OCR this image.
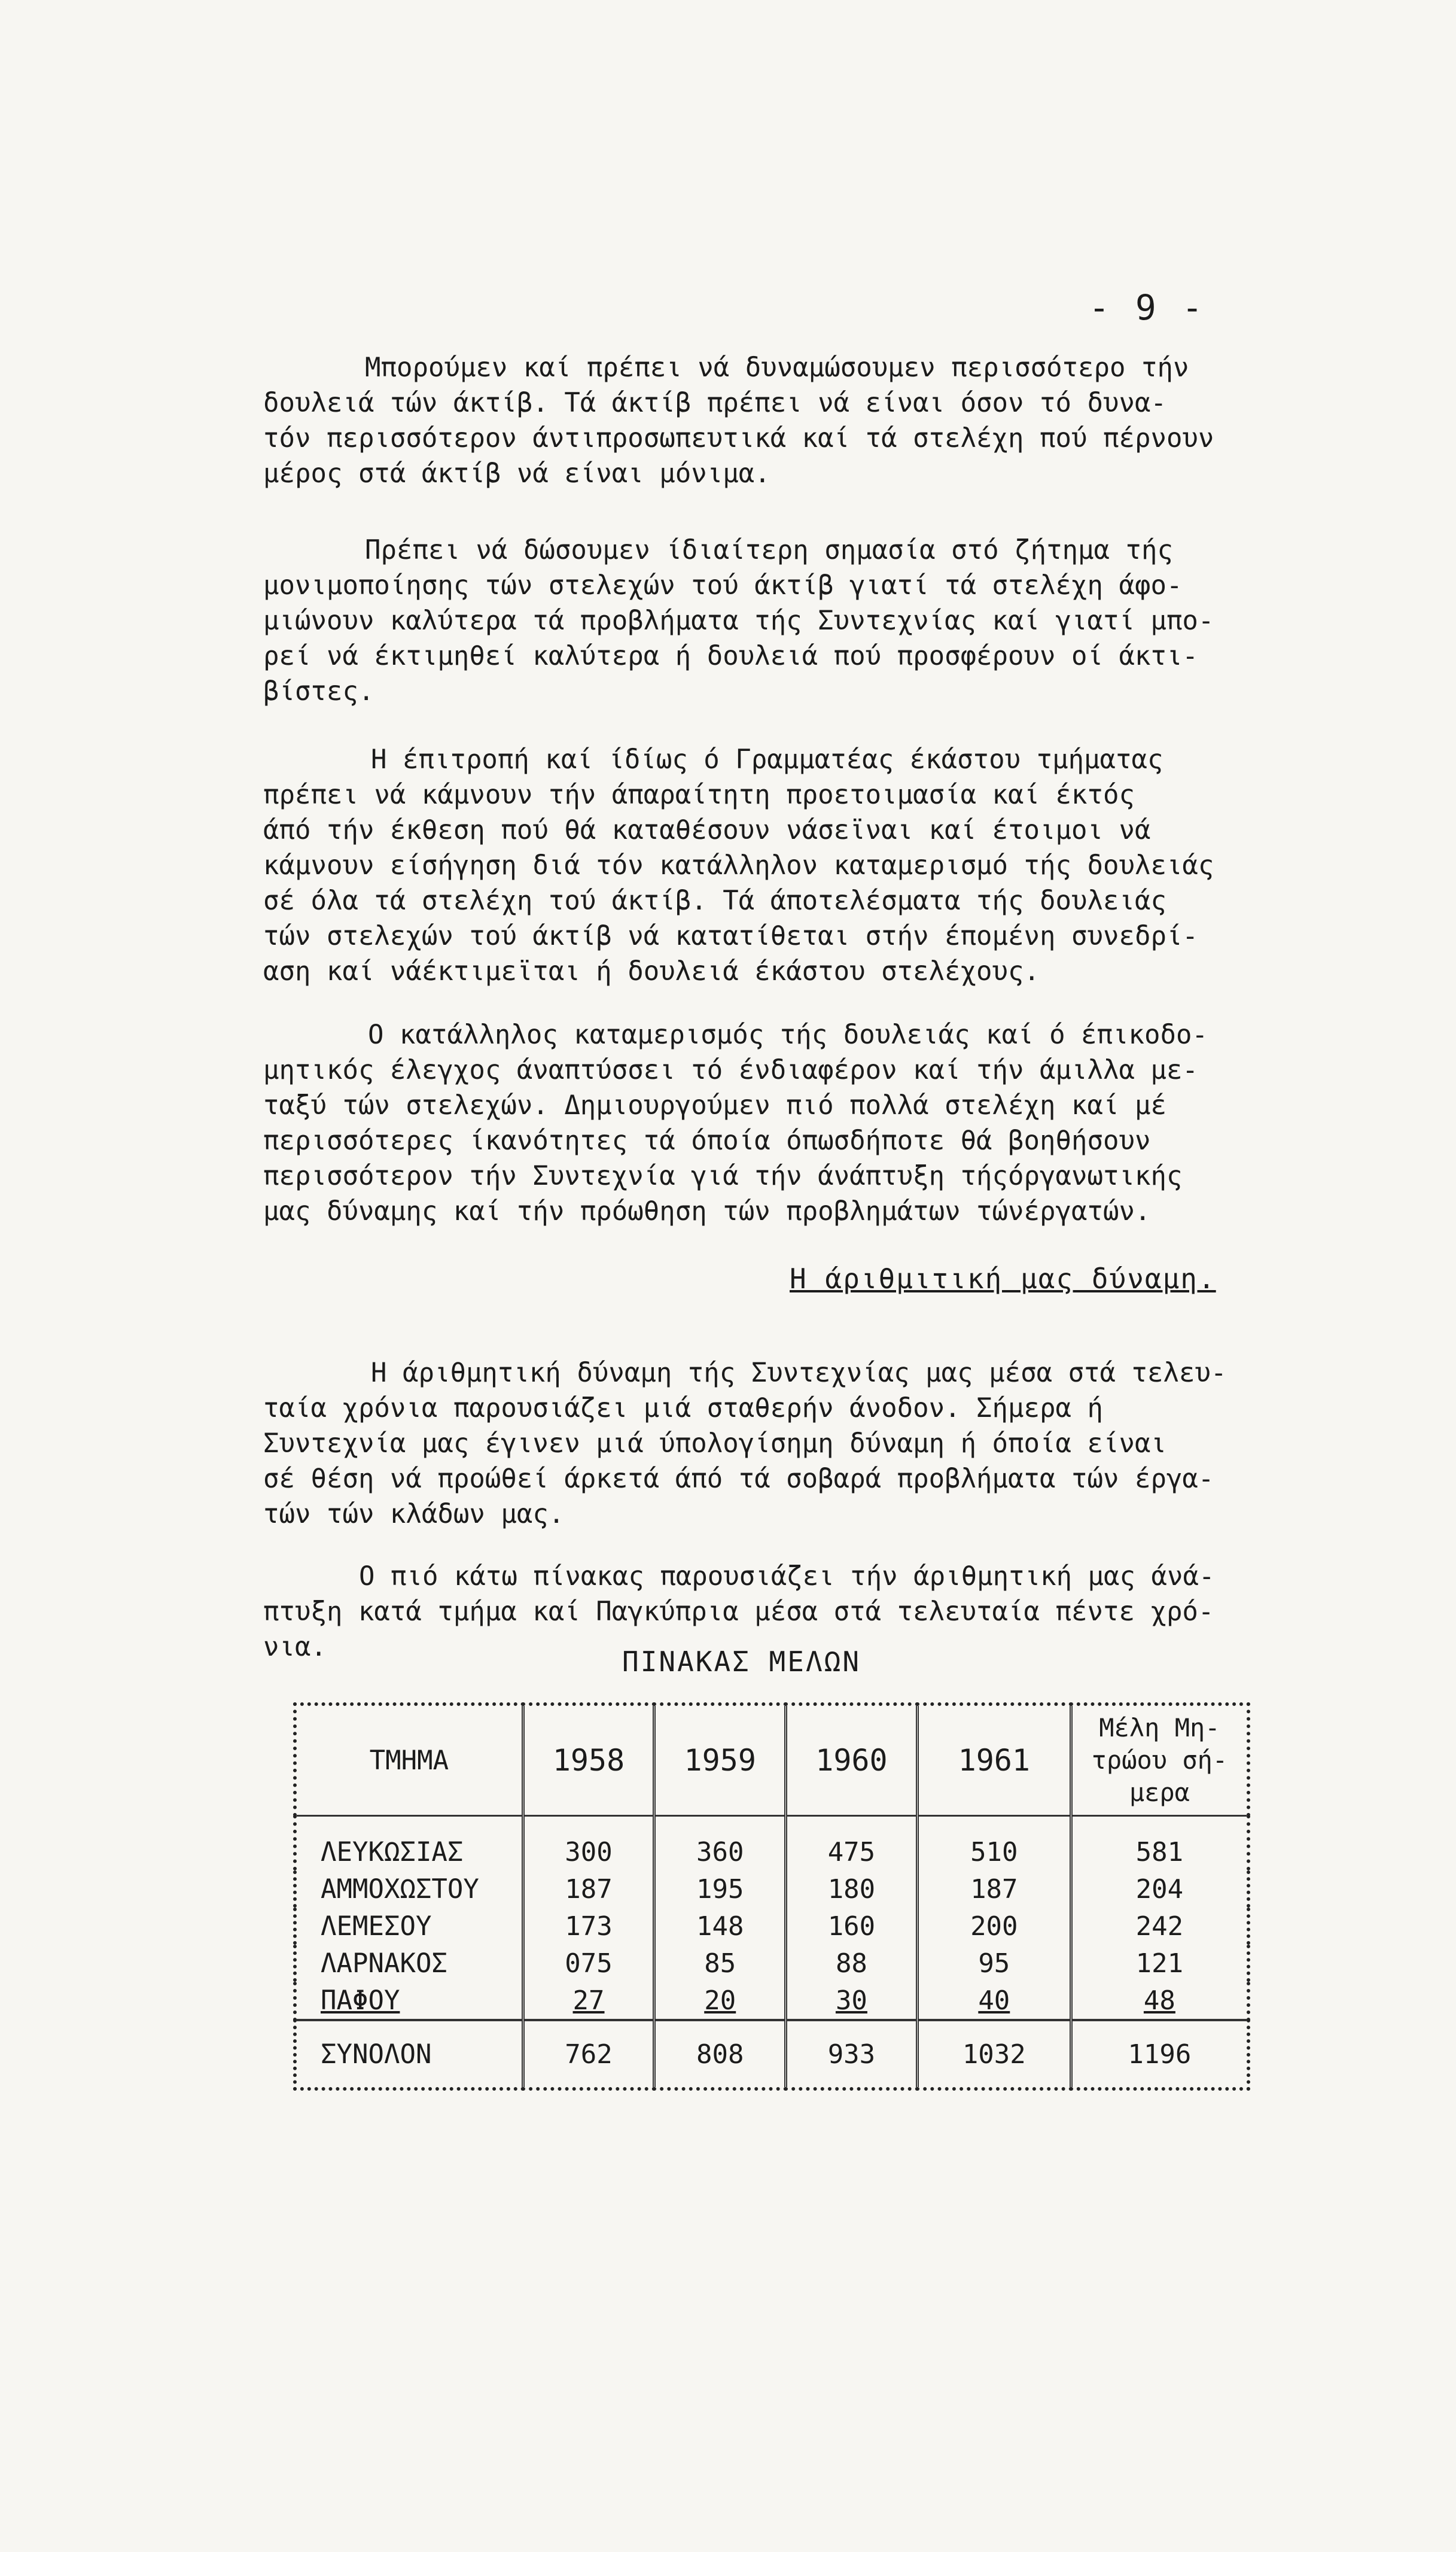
- 9 -

Μπορούμεν καί πρέπει νά δυναμώσουμεν περισσότερο τήν
δουλειά τών άκτίβ. Τά άκτίβ πρέπει νά είναι όσον τό δυνα-
τόν περισσότερον άντιπροσωπευτικά καί τά στελέχη πού πέρνουν
μέρος στά άκτίβ νά είναι μόνιμα.

Πρέπει νά δώσουμεν ίδιαίτερη σημασία στό ζήτημα τής
μονιμοποίησης τών στελεχών τού άκτίβ γιατί τά στελέχη άφο-
μιώνουν καλύτερα τά προβλήματα τής Συντεχνίας καί γιατί μπο-
ρεί νά έκτιμηθεί καλύτερα ή δουλειά πού προσφέρουν οί άκτι-
βίστες.

Η έπιτροπή καί ίδίως ό Γραμματέας έκάστου τμήματας
πρέπει νά κάμνουν τήν άπαραίτητη προετοιμασία καί έκτός
άπό τήν έκθεση πού θά καταθέσουν νάσεϊναι καί έτοιμοι νά
κάμνουν είσήγηση διά τόν κατάλληλον καταμερισμό τής δουλειάς
σέ όλα τά στελέχη τού άκτίβ. Τά άποτελέσματα τής δουλειάς
τών στελεχών τού άκτίβ νά κατατίθεται στήν έπομένη συνεδρί-
αση καί νάέκτιμεϊται ή δουλειά έκάστου στελέχους.

Ο κατάλληλος καταμερισμός τής δουλειάς καί ό έπικοδο-
μητικός έλεγχος άναπτύσσει τό ένδιαφέρον καί τήν άμιλλα με-
ταξύ τών στελεχών. Δημιουργούμεν πιό πολλά στελέχη καί μέ
περισσότερες ίκανότητες τά όποία όπωσδήποτε θά βοηθήσουν
περισσότερον τήν Συντεχνία γιά τήν άνάπτυξη τήςόργανωτικής
μας δύναμης καί τήν πρόωθηση τών προβλημάτων τώνέργατών.

Η άριθμιτική μας δύναμη.

Η άριθμητική δύναμη τής Συντεχνίας μας μέσα στά τελευ-
ταία χρόνια παρουσιάζει μιά σταθερήν άνοδον. Σήμερα ή
Συντεχνία μας έγινεν μιά ύπολογίσημη δύναμη ή όποία είναι
σέ θέση νά προώθεί άρκετά άπό τά σοβαρά προβλήματα τών έργα-
τών τών κλάδων μας.

Ο πιό κάτω πίνακας παρουσιάζει τήν άριθμητική μας άνά-
πτυξη κατά τμήμα καί Παγκύπρια μέσα στά τελευταία πέντε χρό-
νια.	ΠΙΝΑΚΑΣ ΜΕΛΩΝ
ΤΜΗΜΑ	1958	1959	1960	1961	Μέλη Μη-τρώου σή-μερα
ΛΕΥΚΩΣΙΑΣ	300	360	475	510	581
ΑΜΜΟΧΩΣΤΟΥ	187	195	180	187	204
ΛΕΜΕΣΟΥ	173	148	160	200	242
ΛΑΡΝΑΚΟΣ	075	85	88	95	121
ΠΑΦΟΥ	27	20	30	40	48
ΣΥΝΟΛΟΝ	762	808	933	1032	1196
